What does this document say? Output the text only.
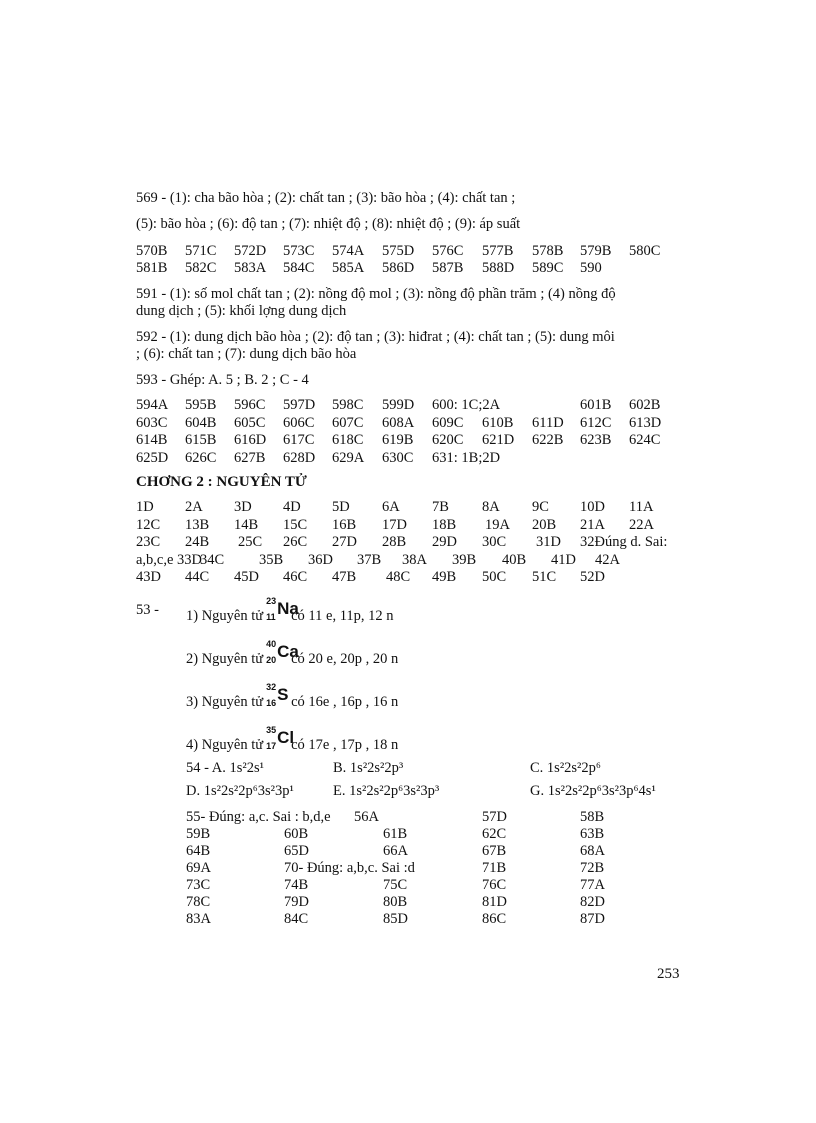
569 - (1): cha bão hòa ; (2): chất tan ; (3): bão hòa ; (4): chất tan ;
(5): bão hòa ; (6): độ tan ; (7): nhiệt độ ; (8): nhiệt độ ; (9): áp suất
570B 571C 572D 573C 574A 575D 576C 577B 578B 579B 580C
581B 582C 583A 584C 585A 586D 587B 588D 589C 590
591 - (1): số mol chất tan ; (2): nồng độ mol ; (3): nồng độ phần trăm ; (4) nồng độ
dung dịch ; (5): khối lợng dung dịch
592 - (1): dung dịch bão hòa ; (2): độ tan ; (3): hiđrat ; (4): chất tan ; (5): dung môi
; (6): chất tan ; (7): dung dịch bão hòa
593 - Ghép: A. 5 ; B. 2 ; C - 4
594A 595B 596C 597D 598C 599D 600: 1C;2A	601B 602B
603C 604B 605C 606C 607C 608A 609C 610B 611D 612C 613D
614B 615B 616D 617C 618C 619B 620C 621D 622B 623B 624C
625D 626C 627B 628D 629A 630C 631: 1B;2D
CHƠNG 2 : NGUYÊN TỬ
1D 2A 3D 4D 5D 6A 7B 8A 9C 10D 11A
12C 13B 14B 15C 16B 17D 18B 19A 20B 21A 22A
23C 24B 25C 26C 27D 28B 29D 30C 31D 32Đúng d. Sai:
a,b,c,e 33D
34C 35B 36D 37B 38A 39B 40B 41D 42A
43D 44C 45D 46C 47B 48C 49B 50C 51C 52D
53 - 1) Nguyên tử
23
11 Na
có 11 e, 11p, 12 n
2) Nguyên tử
40
20 Ca
có 20 e, 20p , 20 n
3) Nguyên tử
32
16 S có 16e , 16p , 16 n
4) Nguyên tử
35
17 Cl
có 17e , 17p , 18 n
54 - A. 1s²2s¹	B. 1s²2s²2p³	C. 1s²2s²2p⁶
D. 1s²2s²2p⁶3s²3p¹	E. 1s²2s²2p⁶3s²3p³	G. 1s²2s²2p⁶3s²3p⁶4s¹
55- Đúng: a,c. Sai : b,d,e 56A	57D	58B
59B	60B	61B	62C	63B
64B	65D	66A	67B	68A
69A	70- Đúng: a,b,c. Sai :d	71B	72B
73C	74B	75C	76C	77A
78C	79D	80B	81D	82D
83A	84C	85D	86C	87D
253
